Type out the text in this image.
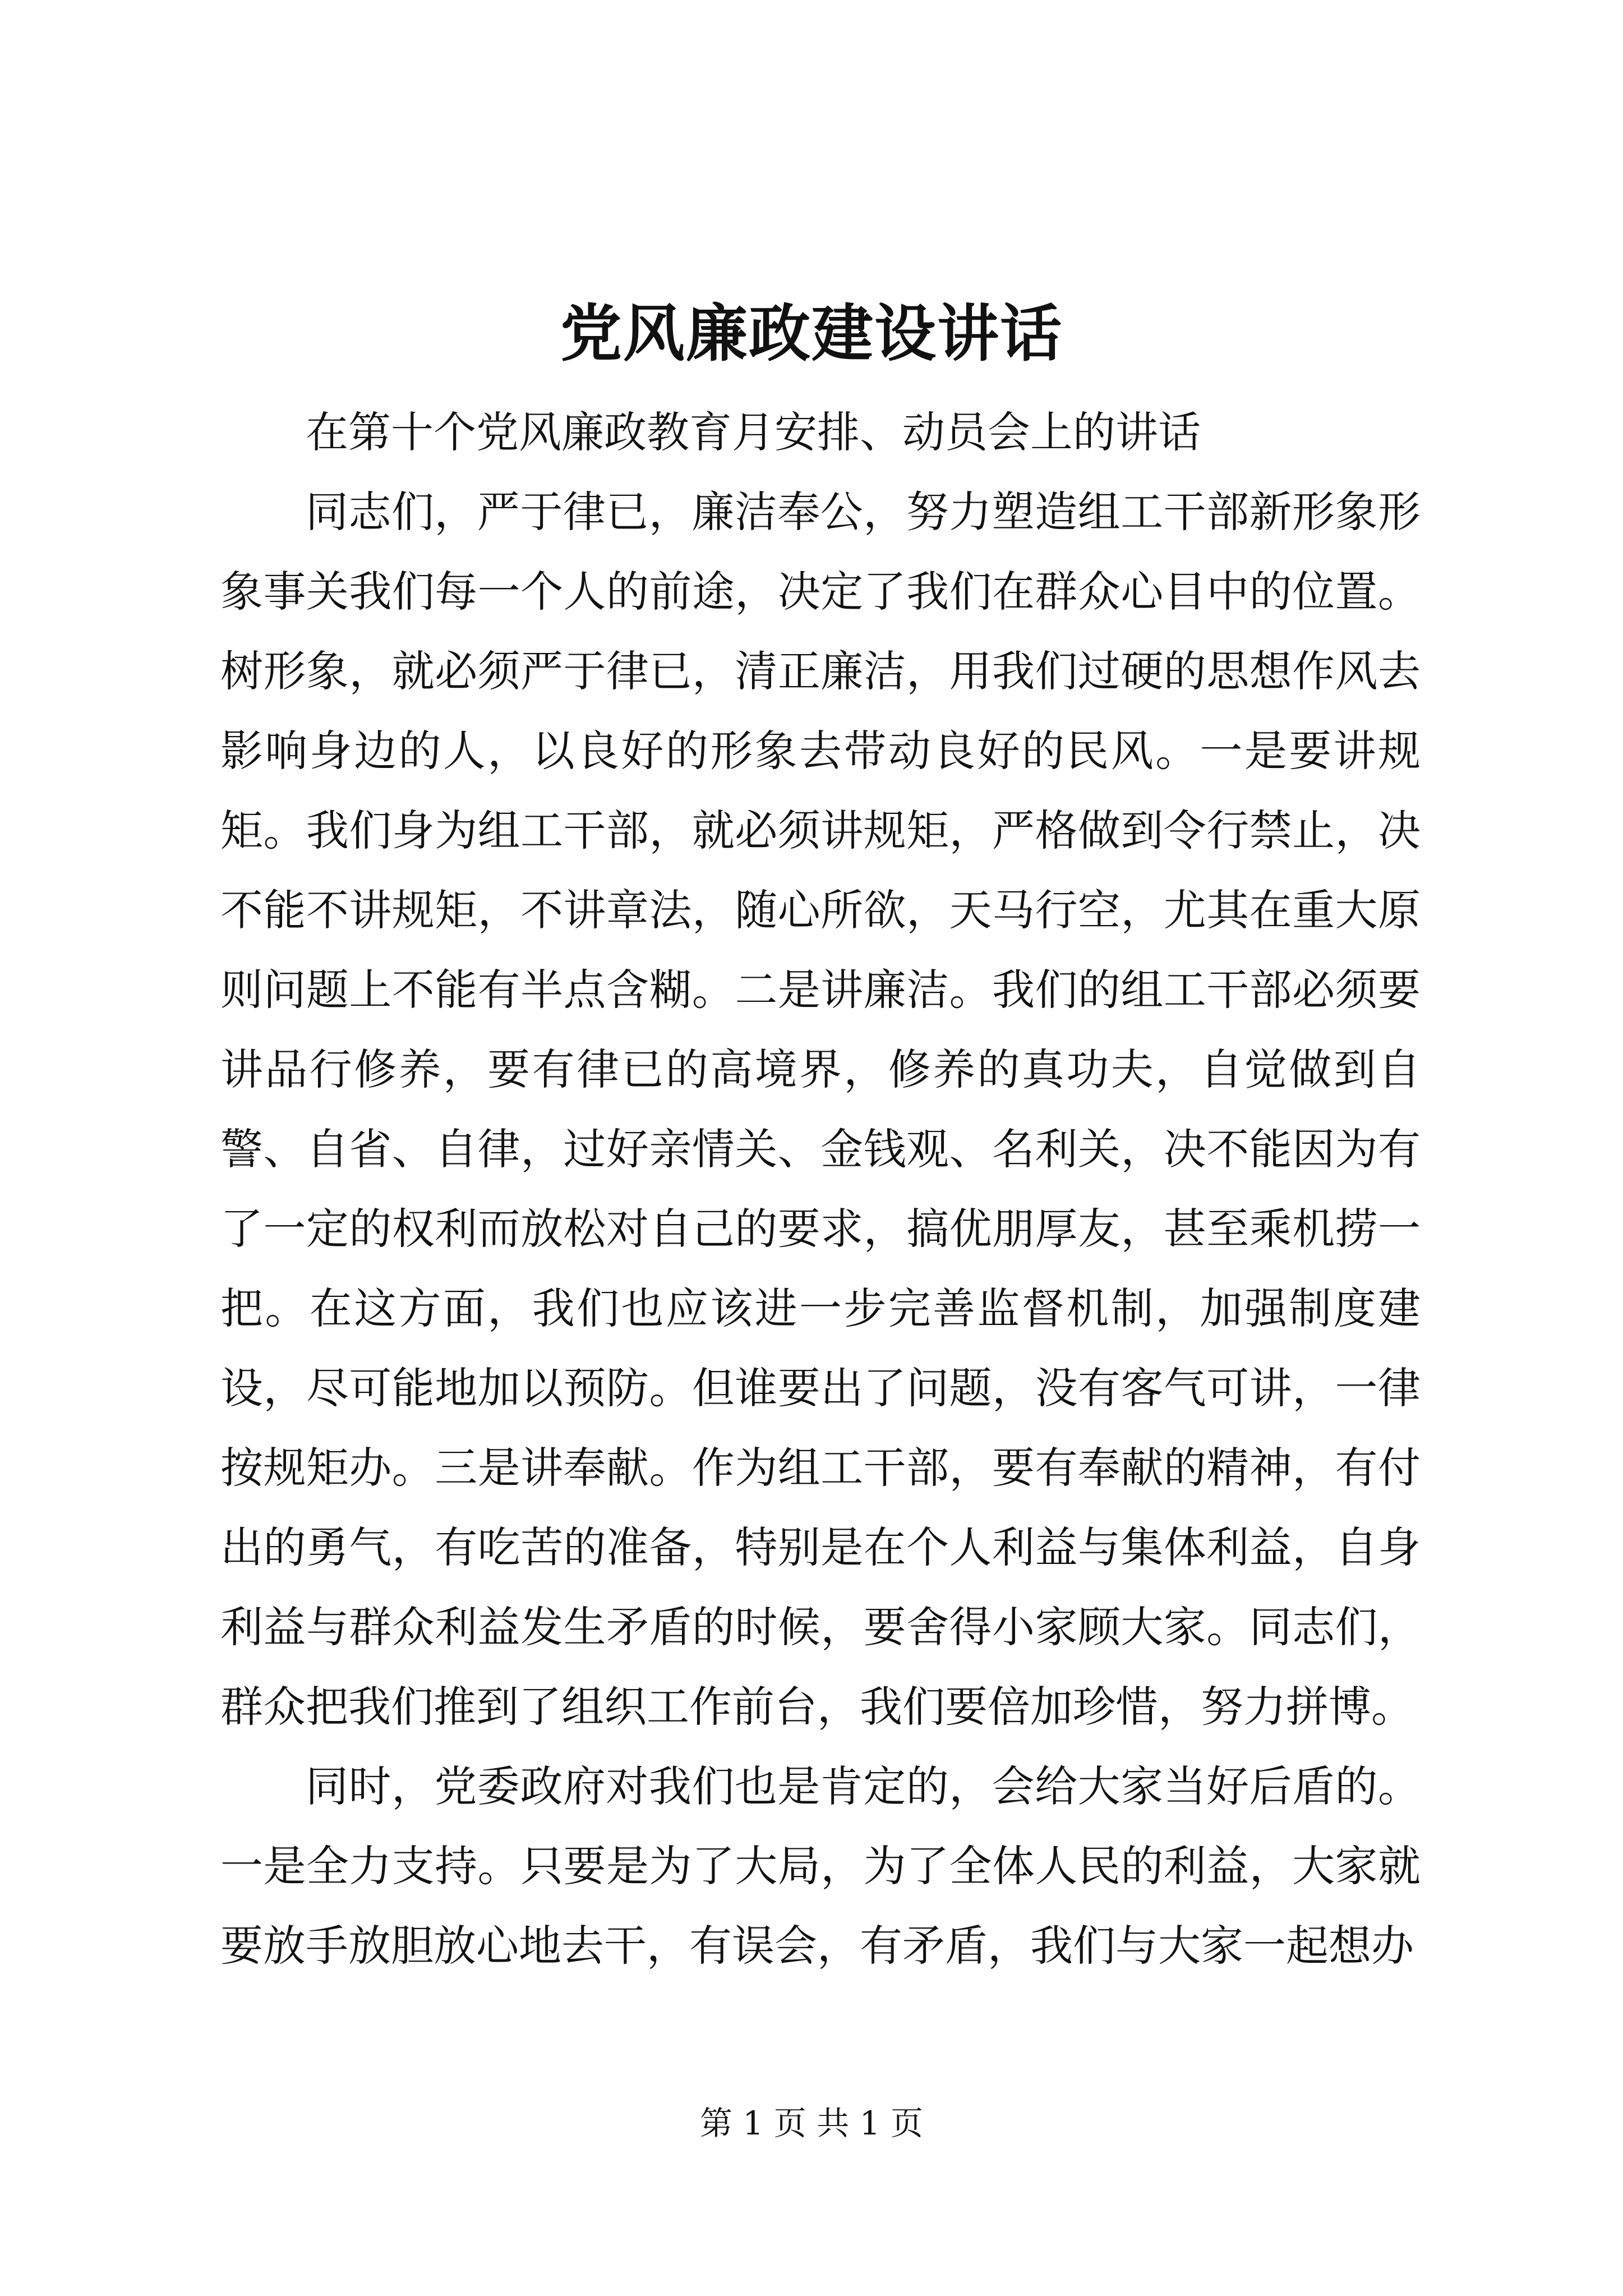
党风廉政建设讲话

在第十个党风廉政教育月安排、动员会上的讲话

同志们，严于律已，廉洁奉公，努力塑造组工干部新形象形象事关我们每一个人的前途，决定了我们在群众心目中的位置。树形象，就必须严于律已，清正廉洁，用我们过硬的思想作风去影响身边的人，以良好的形象去带动良好的民风。一是要讲规矩。我们身为组工干部，就必须讲规矩，严格做到令行禁止，决不能不讲规矩，不讲章法，随心所欲，天马行空，尤其在重大原则问题上不能有半点含糊。二是讲廉洁。我们的组工干部必须要讲品行修养，要有律已的高境界，修养的真功夫，自觉做到自警、自省、自律，过好亲情关、金钱观、名利关，决不能因为有了一定的权利而放松对自己的要求，搞优朋厚友，甚至乘机捞一把。在这方面，我们也应该进一步完善监督机制，加强制度建设，尽可能地加以预防。但谁要出了问题，没有客气可讲，一律按规矩办。三是讲奉献。作为组工干部，要有奉献的精神，有付出的勇气，有吃苦的准备，特别是在个人利益与集体利益，自身利益与群众利益发生矛盾的时候，要舍得小家顾大家。同志们，群众把我们推到了组织工作前台，我们要倍加珍惜，努力拼博。

同时，党委政府对我们也是肯定的，会给大家当好后盾的。一是全力支持。只要是为了大局，为了全体人民的利益，大家就要放手放胆放心地去干，有误会，有矛盾，我们与大家一起想办

第 1 页 共 1 页
